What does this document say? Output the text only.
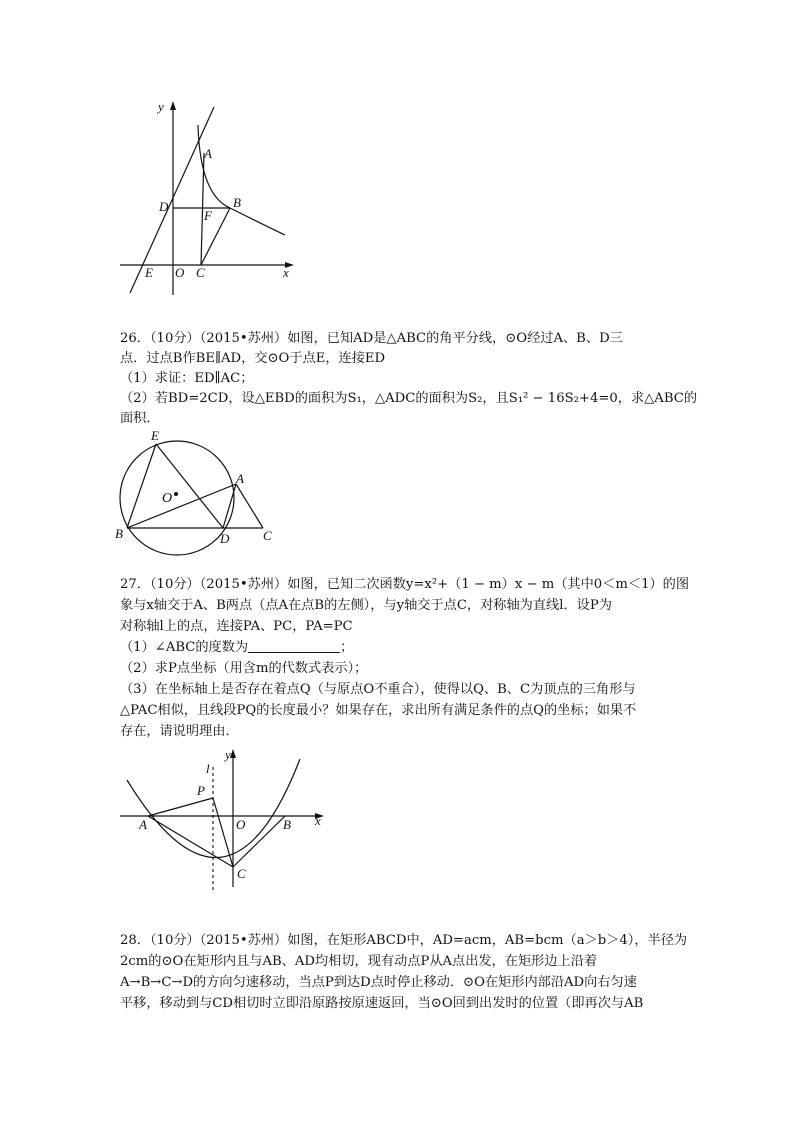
y
A
D	B
F
E O C	x
26．（10分）（2015•苏州）如图，已知AD是△ABC的角平分线，⊙O经过A、B、D三
点．过点B作BE∥AD，交⊙O于点E，连接ED
（1）求证：ED∥AC；
（2）若BD=2CD，设△EBD的面积为S₁，△ADC的面积为S₂，且S₁² − 16S₂+4=0，求△ABC的
面积．
E
A
O
B	D	C
27．（10分）（2015•苏州）如图，已知二次函数y=x²+（1 − m）x − m（其中0＜m＜1）的图
象与x轴交于A、B两点（点A在点B的左侧），与y轴交于点C，对称轴为直线l．设P为
对称轴l上的点，连接PA、PC，PA=PC
（1）∠ABC的度数为	；
（2）求P点坐标（用含m的代数式表示）；
（3）在坐标轴上是否存在着点Q（与原点O不重合），使得以Q、B、C为顶点的三角形与
△PAC相似，且线段PQ的长度最小？如果存在，求出所有满足条件的点Q的坐标；如果不
存在，请说明理由．
y
l
P
A	O	B x
C
28．（10分）（2015•苏州）如图，在矩形ABCD中，AD=acm，AB=bcm（a＞b＞4），半径为
2cm的⊙O在矩形内且与AB、AD均相切，现有动点P从A点出发，在矩形边上沿着
A→B→C→D的方向匀速移动，当点P到达D点时停止移动．⊙O在矩形内部沿AD向右匀速
平移，移动到与CD相切时立即沿原路按原速返回，当⊙O回到出发时的位置（即再次与AB
